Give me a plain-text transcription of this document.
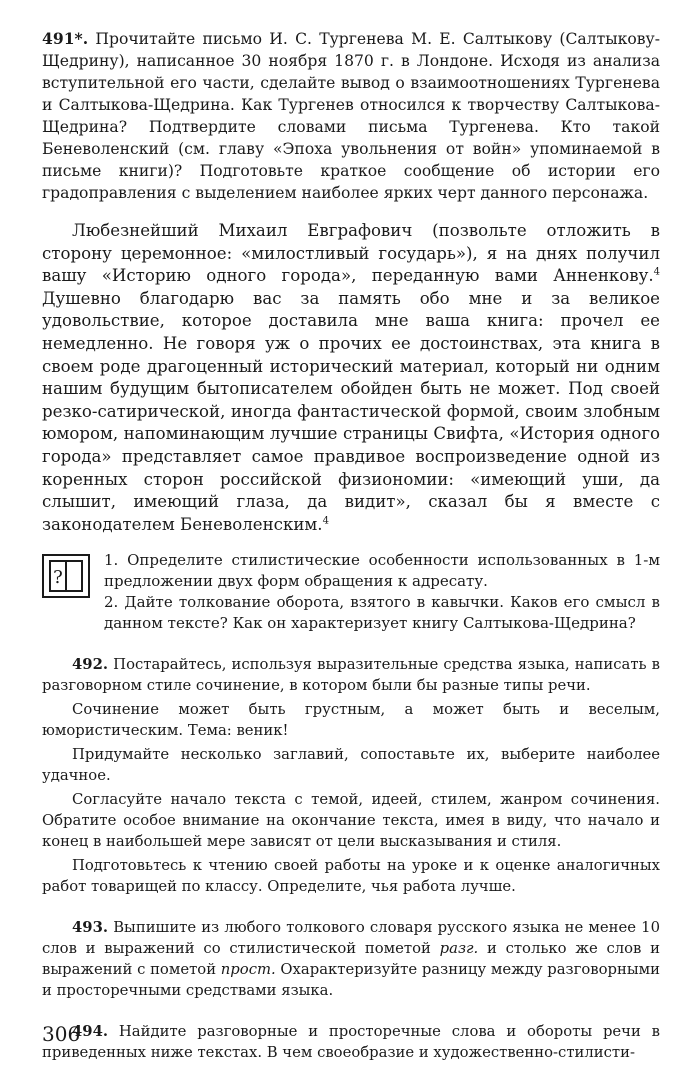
491*. Прочитайте письмо И. С. Тургенева М. Е. Салтыкову (Салтыкову-Щедрину), написанное 30 ноября 1870 г. в Лондоне. Исходя из анализа вступительной его части, сделайте вывод о взаимоотношениях Тургенева и Салтыкова-Щедрина. Как Тургенев относился к творчеству Салтыкова-Щедрина? Подтвердите словами письма Тургенева. Кто такой Беневоленский (см. главу «Эпоха увольнения от войн» упоминаемой в письме книги)? Подготовьте краткое сообщение об истории его градоправления с выделением наиболее ярких черт данного персонажа.

Любезнейший Михаил Евграфович (позвольте отложить в сторону церемонное: «милостливый государь»), я на днях получил вашу «Историю одного города», переданную вами Анненкову.$^4$ Душевно благодарю вас за память обо мне и за великое удовольствие, которое доставила мне ваша книга: прочел ее немедленно. Не говоря уж о прочих ее достоинствах, эта книга в своем роде драгоценный исторический материал, который ни одним нашим будущим бытописателем обойден быть не может. Под своей резко-сатирической, иногда фантастической формой, своим злобным юмором, напоминающим лучшие страницы Свифта, «История одного города» представляет самое правдивое воспроизведение одной из коренных сторон российской физиономии: «имеющий уши, да слышит, имеющий глаза, да видит», сказал бы я вместе с законодателем Беневоленским.$^4$

?

1. Определите стилистические особенности использованных в 1-м предложении двух форм обращения к адресату.

2. Дайте толкование оборота, взятого в кавычки. Каков его смысл в данном тексте? Как он характеризует книгу Салтыкова-Щедрина?

492. Постарайтесь, используя выразительные средства языка, написать в разговорном стиле сочинение, в котором были бы разные типы речи.

Сочинение может быть грустным, а может быть и веселым, юмористическим. Тема: веник!

Придумайте несколько заглавий, сопоставьте их, выберите наиболее удачное.

Согласуйте начало текста с темой, идеей, стилем, жанром сочинения. Обратите особое внимание на окончание текста, имея в виду, что начало и конец в наибольшей мере зависят от цели высказывания и стиля.

Подготовьтесь к чтению своей работы на уроке и к оценке аналогичных работ товарищей по классу. Определите, чья работа лучше.

493. Выпишите из любого толкового словаря русского языка не менее 10 слов и выражений со стилистической пометой разг. и столько же слов и выражений с пометой прост. Охарактеризуйте разницу между разговорными и просторечными средствами языка.

494. Найдите разговорные и просторечные слова и обороты речи в приведенных ниже текстах. В чем своеобразие и художественно-стилисти-

306
